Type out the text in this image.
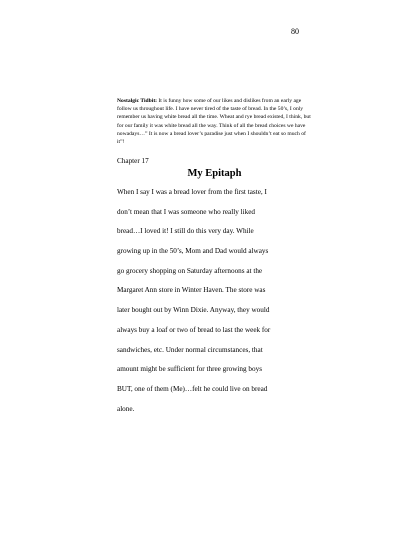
80

Nostalgic Tidbit: It is funny how some of our likes and dislikes from an early age follow us throughout life. I have never tired of the taste of bread. In the 50’s, I only remember us having white bread all the time. Wheat and rye bread existed, I think, but for our family it was white bread all the way. Think of all the bread choices we have nowadays…” It is now a bread lover’s paradise just when I shouldn’t eat so much of it”!

Chapter 17
My Epitaph
When I say I was a bread lover from the first taste, I
don’t mean that I was someone who really liked
bread…I loved it! I still do this very day. While
growing up in the 50’s, Mom and Dad would always
go grocery shopping on Saturday afternoons at the
Margaret Ann store in Winter Haven. The store was
later bought out by Winn Dixie. Anyway, they would
always buy a loaf or two of bread to last the week for
sandwiches, etc. Under normal circumstances, that
amount might be sufficient for three growing boys
BUT, one of them (Me)…felt he could live on bread
alone.
